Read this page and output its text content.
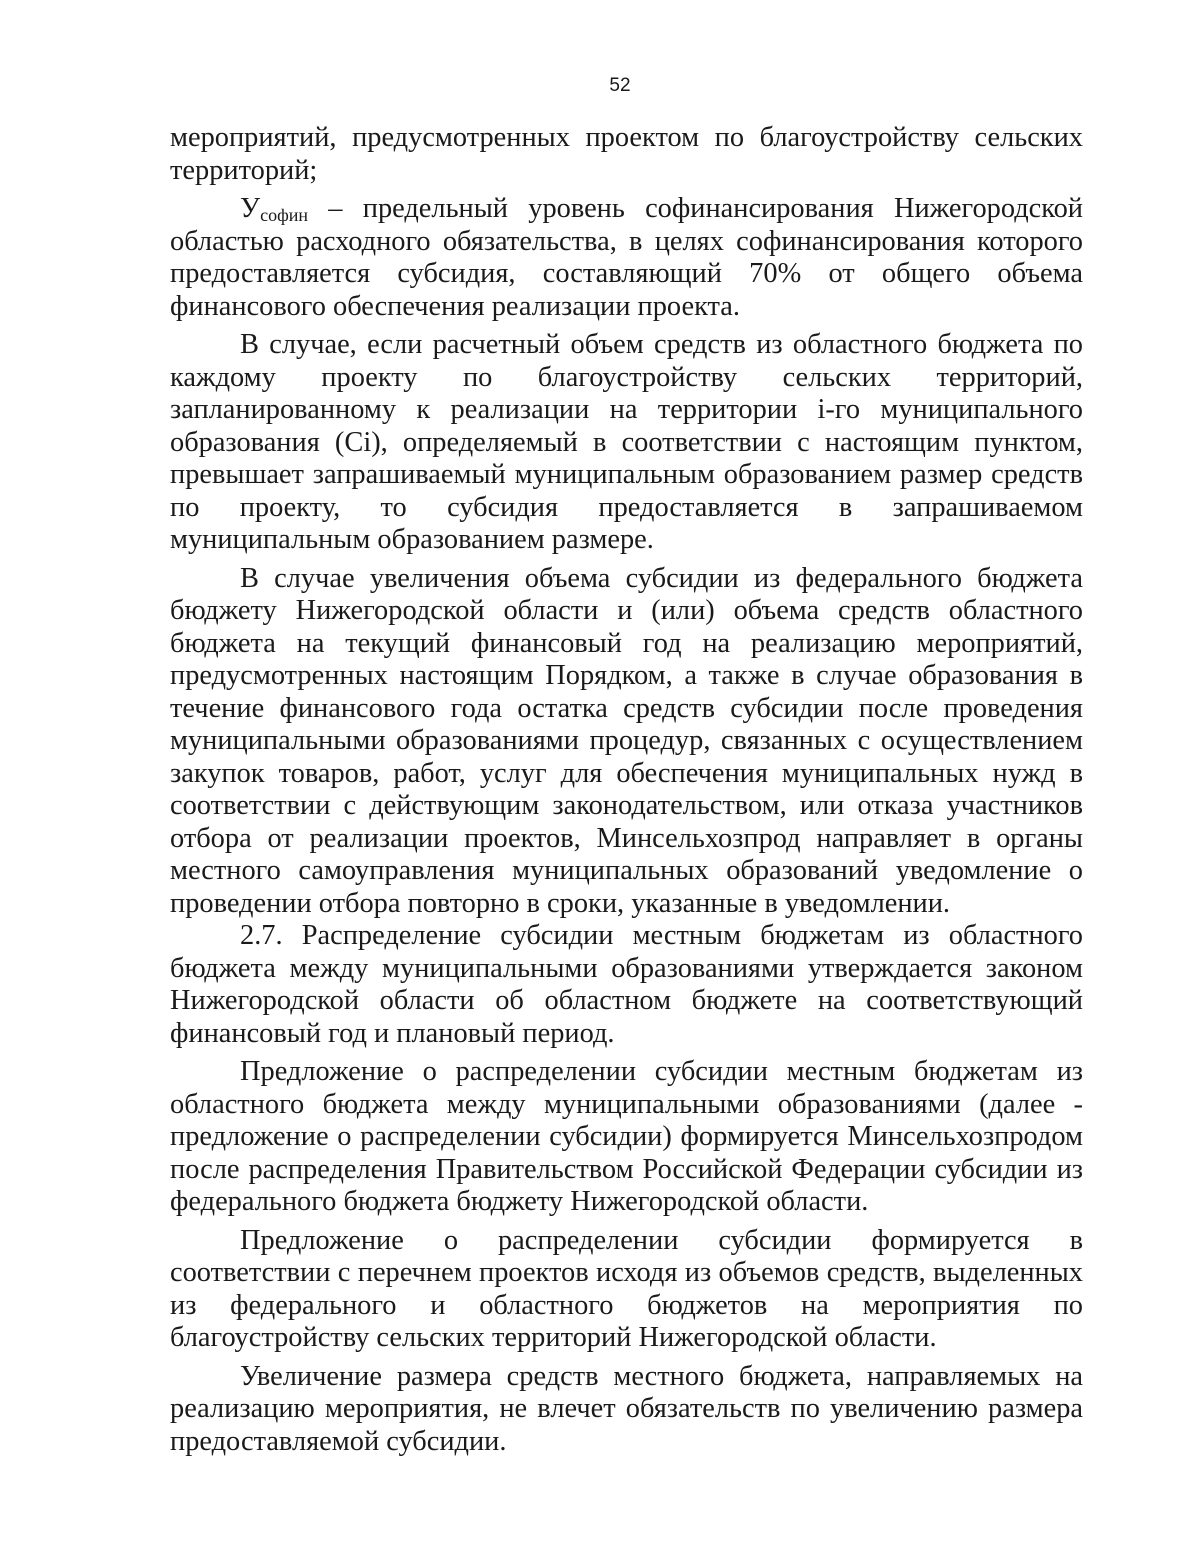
52

мероприятий, предусмотренных проектом по благоустройству сельских территорий;

$У_{софин}$ – предельный уровень софинансирования Нижегородской областью расходного обязательства, в целях софинансирования которого предоставляется субсидия, составляющий 70% от общего объема финансового обеспечения реализации проекта.

В случае, если расчетный объем средств из областного бюджета по каждому проекту по благоустройству сельских территорий, запланированному к реализации на территории i-го муниципального образования (Ci), определяемый в соответствии с настоящим пунктом, превышает запрашиваемый муниципальным образованием размер средств по проекту, то субсидия предоставляется в запрашиваемом муниципальным образованием размере.

В случае увеличения объема субсидии из федерального бюджета бюджету Нижегородской области и (или) объема средств областного бюджета на текущий финансовый год на реализацию мероприятий, предусмотренных настоящим Порядком, а также в случае образования в течение финансового года остатка средств субсидии после проведения муниципальными образованиями процедур, связанных с осуществлением закупок товаров, работ, услуг для обеспечения муниципальных нужд в соответствии с действующим законодательством, или отказа участников отбора от реализации проектов, Минсельхозпрод направляет в органы местного самоуправления муниципальных образований уведомление о проведении отбора повторно в сроки, указанные в уведомлении.

2.7. Распределение субсидии местным бюджетам из областного бюджета между муниципальными образованиями утверждается законом Нижегородской области об областном бюджете на соответствующий финансовый год и плановый период.

Предложение о распределении субсидии местным бюджетам из областного бюджета между муниципальными образованиями (далее - предложение о распределении субсидии) формируется Минсельхозпродом после распределения Правительством Российской Федерации субсидии из федерального бюджета бюджету Нижегородской области.

Предложение о распределении субсидии формируется в соответствии с перечнем проектов исходя из объемов средств, выделенных из федерального и областного бюджетов на мероприятия по благоустройству сельских территорий Нижегородской области.

Увеличение размера средств местного бюджета, направляемых на реализацию мероприятия, не влечет обязательств по увеличению размера предоставляемой субсидии.
